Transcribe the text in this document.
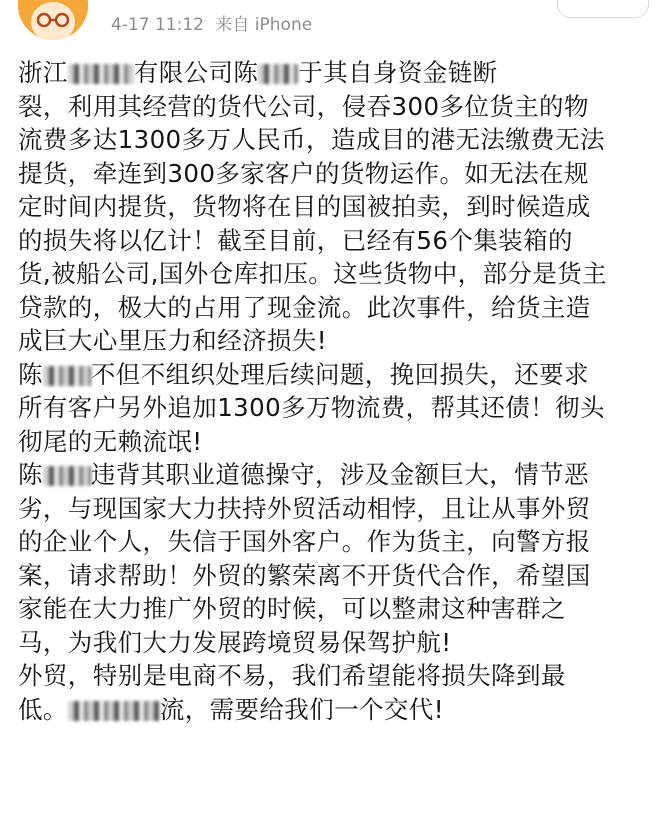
4-17 11:12 来自 iPhone
浙江	有限公司陈 于其自身资金链断
裂，利用其经营的货代公司，侵吞300多位货主的物
流费多达1300多万人民币，造成目的港无法缴费无法
提货，牵连到300多家客户的货物运作。如无法在规
定时间内提货，货物将在目的国被拍卖，到时候造成
的损失将以亿计！截至目前，已经有56个集装箱的
货,被船公司,国外仓库扣压。这些货物中，部分是货主
贷款的，极大的占用了现金流。此次事件，给货主造
成巨大心里压力和经济损失!
陈 不但不组织处理后续问题，挽回损失，还要求
所有客户另外追加1300多万物流费，帮其还债！彻头
彻尾的无赖流氓!
陈 违背其职业道德操守，涉及金额巨大，情节恶
劣，与现国家大力扶持外贸活动相悖，且让从事外贸
的企业个人，失信于国外客户。作为货主，向警方报
案，请求帮助！外贸的繁荣离不开货代合作，希望国
家能在大力推广外贸的时候，可以整肃这种害群之
马，为我们大力发展跨境贸易保驾护航!
外贸，特别是电商不易，我们希望能将损失降到最
低。	流，需要给我们一个交代!
